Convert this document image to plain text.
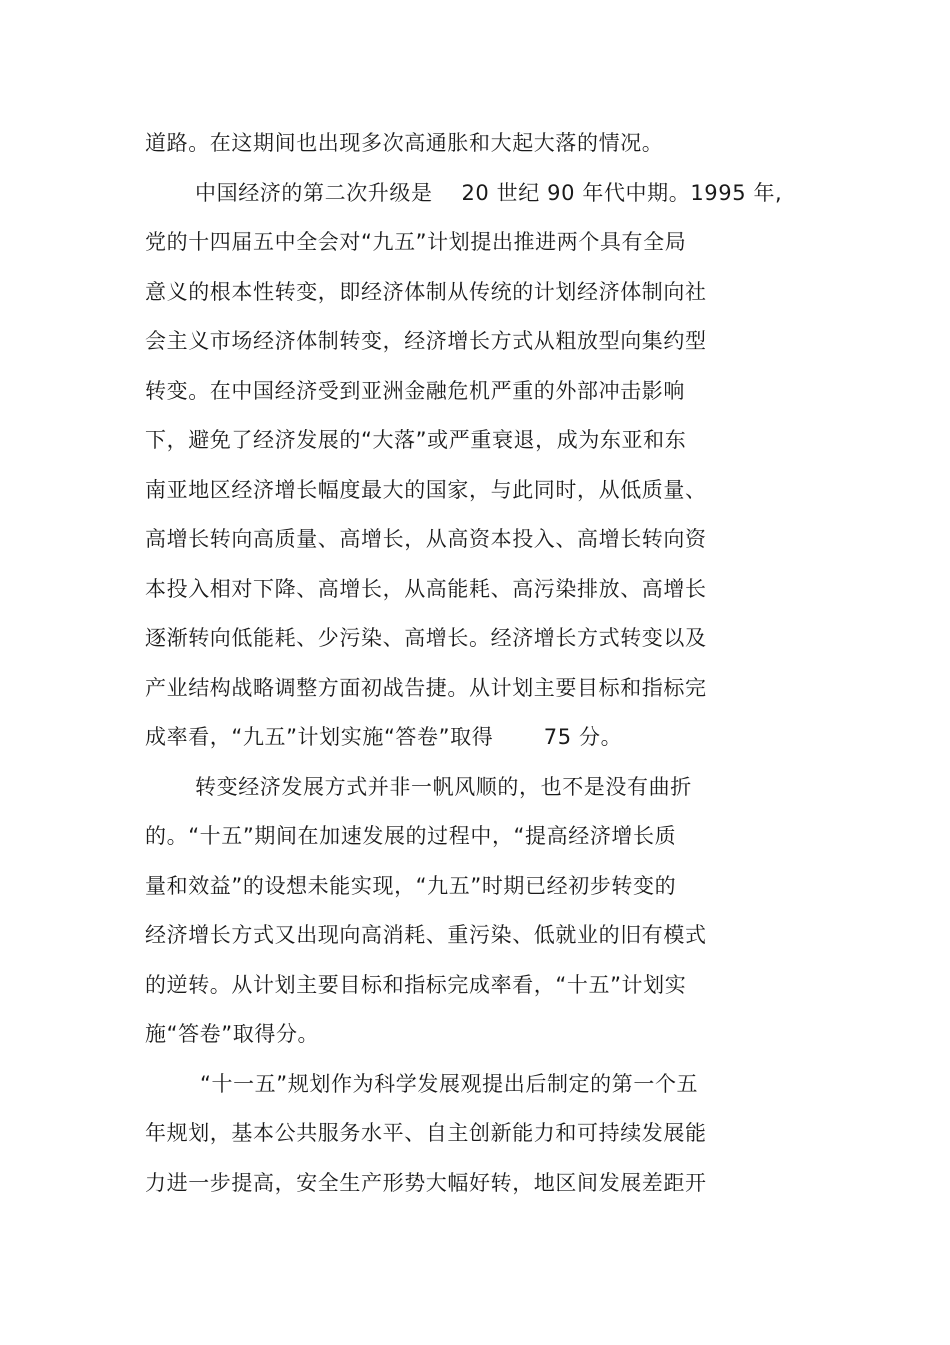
道路。在这期间也出现多次高通胀和大起大落的情况。
中国经济的第二次升级是  20 世纪 90 年代中期。1995 年,
党的十四届五中全会对“九五”计划提出推进两个具有全局
意义的根本性转变，即经济体制从传统的计划经济体制向社
会主义市场经济体制转变，经济增长方式从粗放型向集约型
转变。在中国经济受到亚洲金融危机严重的外部冲击影响
下，避免了经济发展的“大落”或严重衰退，成为东亚和东
南亚地区经济增长幅度最大的国家，与此同时，从低质量、
高增长转向高质量、高增长，从高资本投入、高增长转向资
本投入相对下降、高增长，从高能耗、高污染排放、高增长
逐渐转向低能耗、少污染、高增长。经济增长方式转变以及
产业结构战略调整方面初战告捷。从计划主要目标和指标完
成率看，“九五”计划实施“答卷”取得   75 分。
转变经济发展方式并非一帆风顺的，也不是没有曲折
的。“十五”期间在加速发展的过程中，“提高经济增长质
量和效益”的设想未能实现，“九五”时期已经初步转变的
经济增长方式又出现向高消耗、重污染、低就业的旧有模式
的逆转。从计划主要目标和指标完成率看，“十五”计划实
施“答卷”取得分。
“十一五”规划作为科学发展观提出后制定的第一个五
年规划，基本公共服务水平、自主创新能力和可持续发展能
力进一步提高，安全生产形势大幅好转，地区间发展差距开
